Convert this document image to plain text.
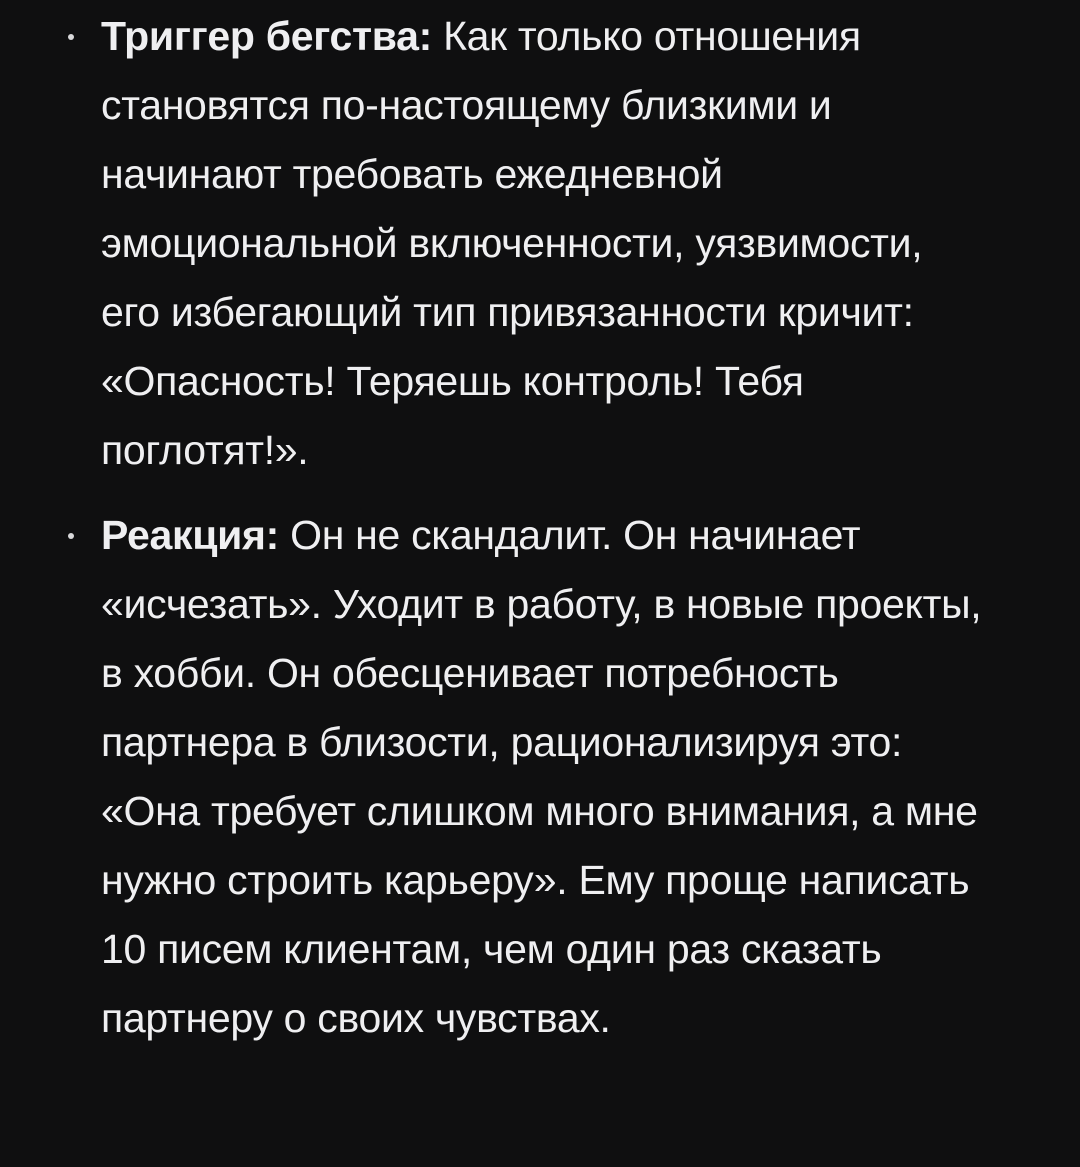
Триггер бегства: Как только отношения становятся по‑настоящему близкими и начинают требовать ежедневной эмоциональной включенности, уязвимости, его избегающий тип привязанности кричит: «Опасность! Теряешь контроль! Тебя поглотят!».

Реакция: Он не скандалит. Он начинает «исчезать». Уходит в работу, в новые проекты, в хобби. Он обесценивает потребность партнера в близости, рационализируя это: «Она требует слишком много внимания, а мне нужно строить карьеру». Ему проще написать 10 писем клиентам, чем один раз сказать партнеру о своих чувствах.
